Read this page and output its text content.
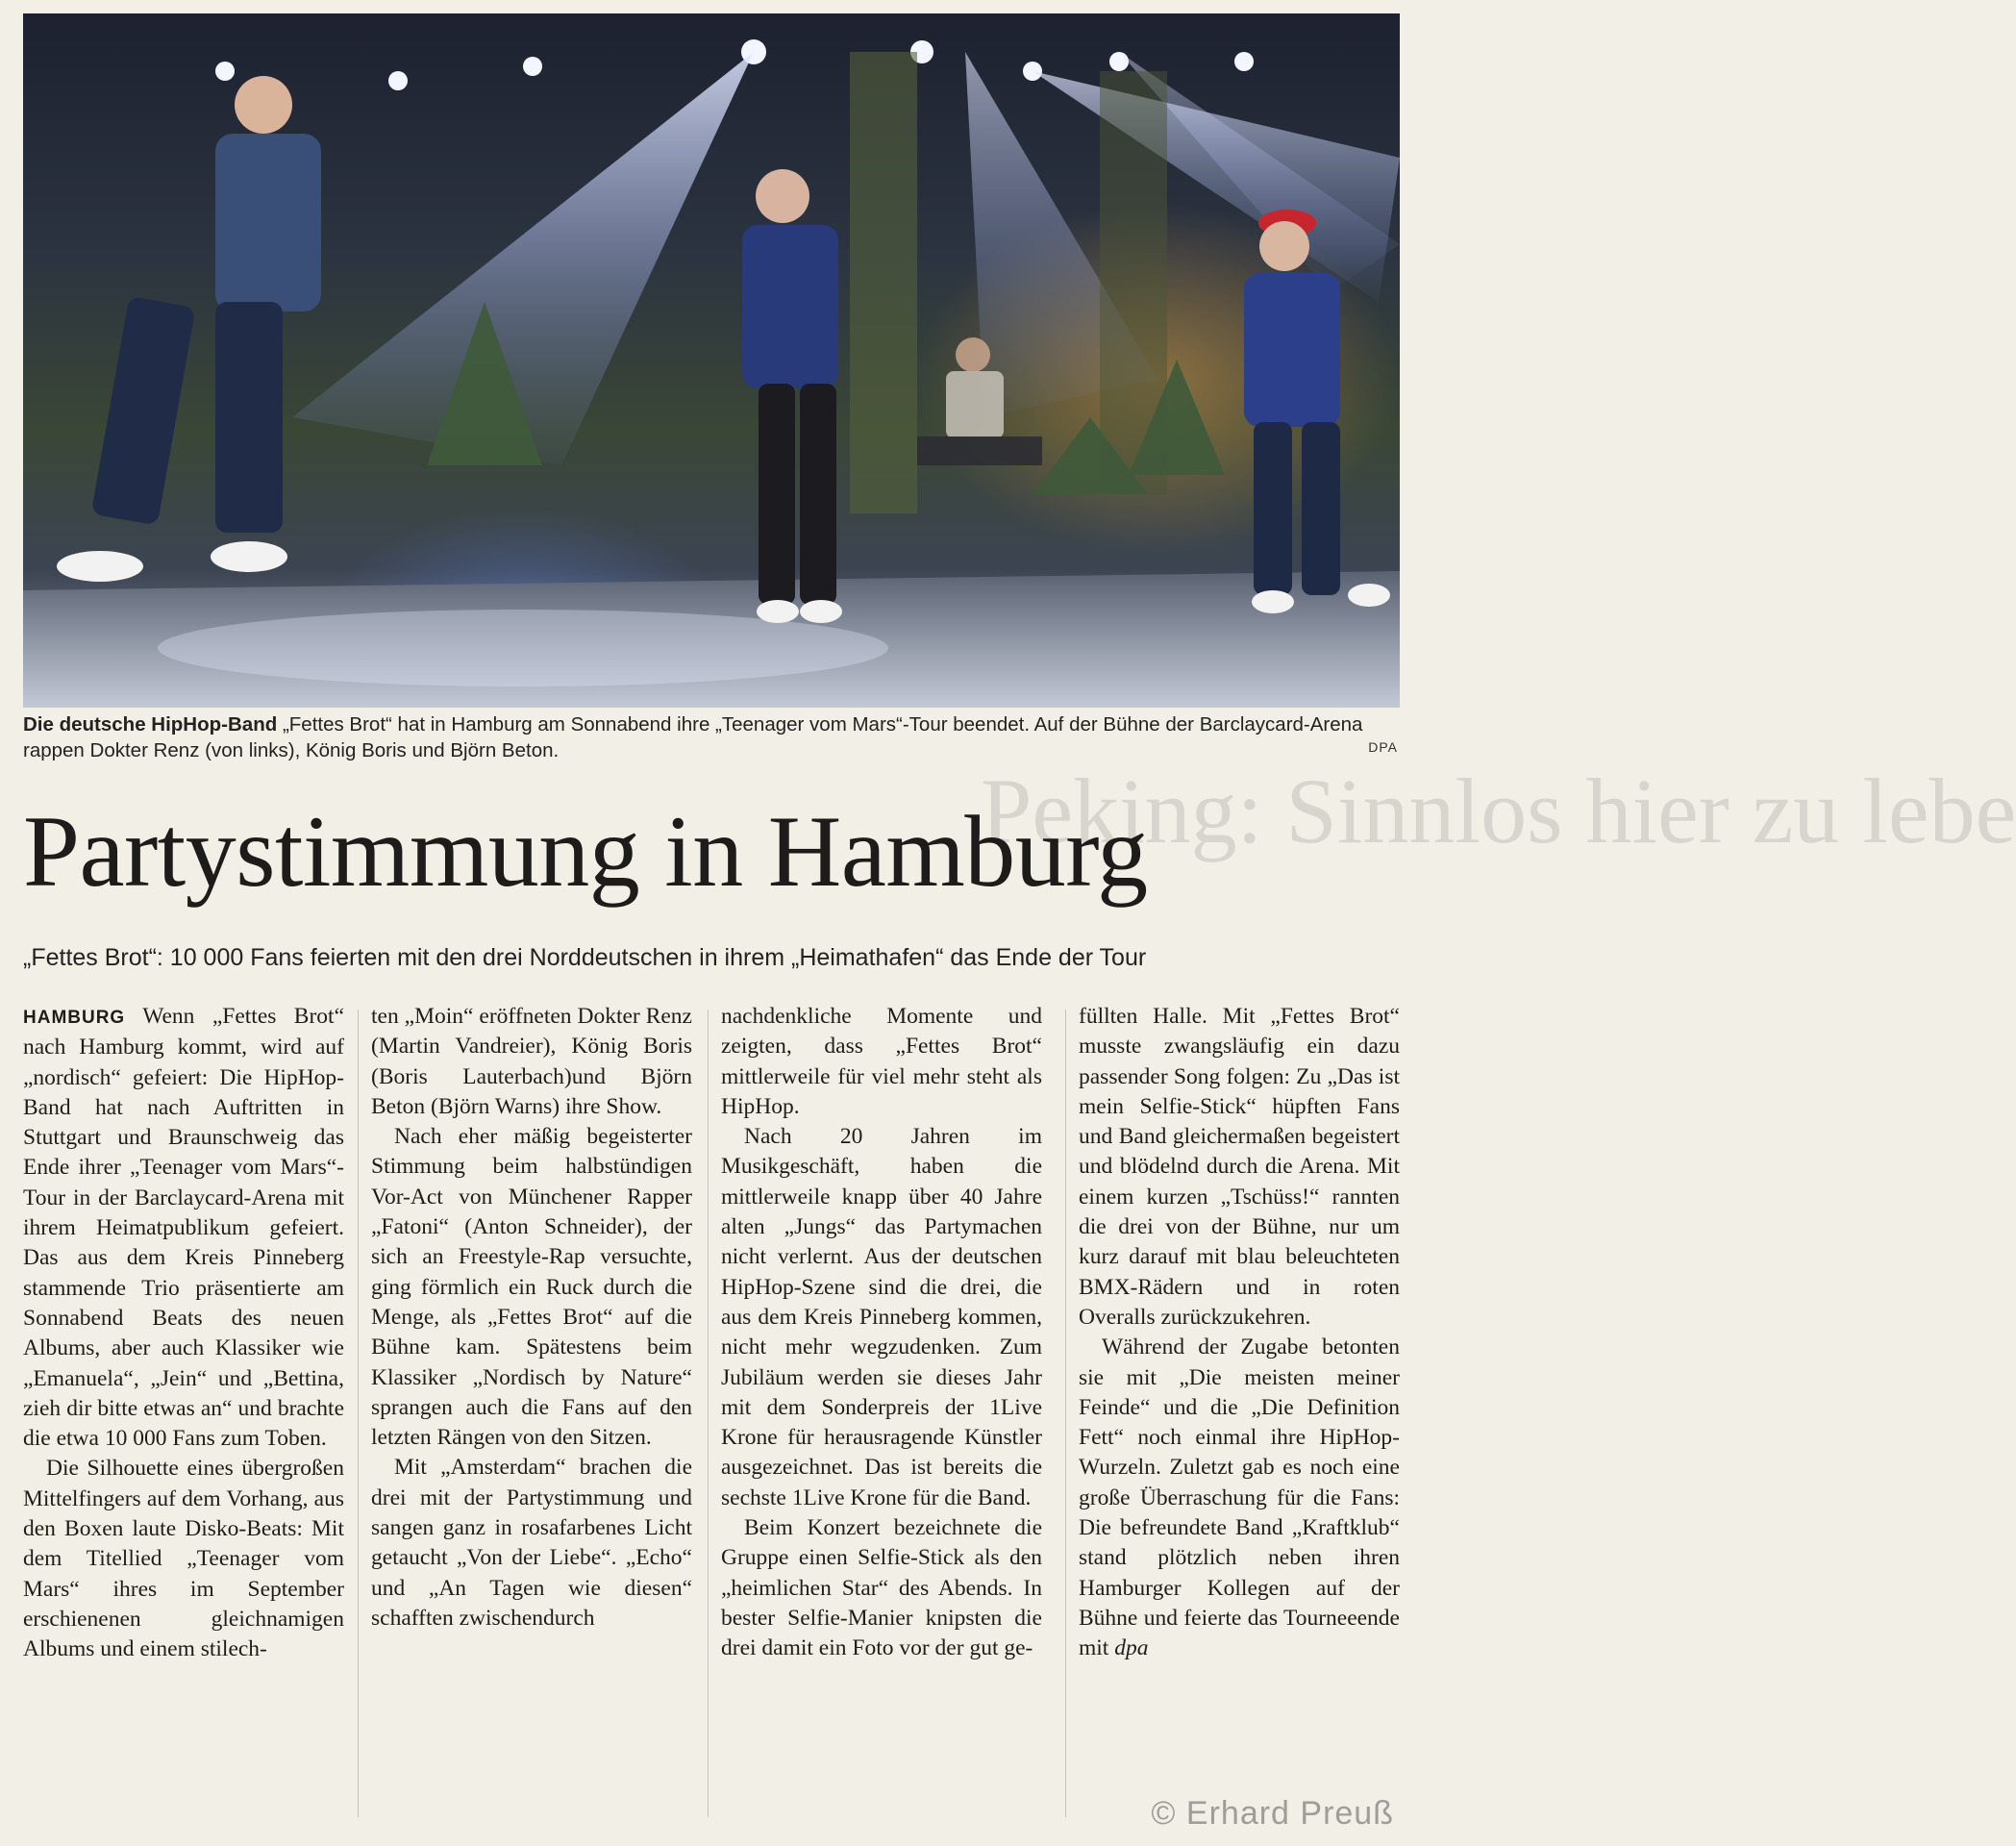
Die deutsche HipHop-Band „Fettes Brot“ hat in Hamburg am Sonnabend ihre „Teenager vom Mars“-Tour beendet. Auf der Bühne der Barclaycard-Arena rappen Dokter Renz (von links), König Boris und Björn Beton.	DPA
Peking: Sinnlos hier zu lebe
Partystimmung in Hamburg
„Fettes Brot“: 10 000 Fans feierten mit den drei Norddeutschen in ihrem „Heimathafen“ das Ende der Tour

HAMBURG Wenn „Fettes Brot“ nach Hamburg kommt, wird auf „nordisch“ gefeiert: Die HipHop-Band hat nach Auftritten in Stuttgart und Braunschweig das Ende ihrer „Teenager vom Mars“-Tour in der Barclaycard-Arena mit ihrem Heimatpublikum gefeiert. Das aus dem Kreis Pinneberg stammende Trio präsentierte am Sonnabend Beats des neuen Albums, aber auch Klassiker wie „Emanuela“, „Jein“ und „Bettina, zieh dir bitte etwas an“ und brachte die etwa 10 000 Fans zum Toben.

Die Silhouette eines übergroßen Mittelfingers auf dem Vorhang, aus den Boxen laute Disko-Beats: Mit dem Titellied „Teenager vom Mars“ ihres im September erschienenen gleichnamigen Albums und einem stilech-

ten „Moin“ eröffneten Dokter Renz (Martin Vandreier), König Boris (Boris Lauterbach)und Björn Beton (Björn Warns) ihre Show.

Nach eher mäßig begeisterter Stimmung beim halbstündigen Vor-Act von Münchener Rapper „Fatoni“ (Anton Schneider), der sich an Freestyle-Rap versuchte, ging förmlich ein Ruck durch die Menge, als „Fettes Brot“ auf die Bühne kam. Spätestens beim Klassiker „Nordisch by Nature“ sprangen auch die Fans auf den letzten Rängen von den Sitzen.

Mit „Amsterdam“ brachen die drei mit der Partystimmung und sangen ganz in rosafarbenes Licht getaucht „Von der Liebe“. „Echo“ und „An Tagen wie diesen“ schafften zwischendurch

nachdenkliche Momente und zeigten, dass „Fettes Brot“ mittlerweile für viel mehr steht als HipHop.

Nach 20 Jahren im Musikgeschäft, haben die mittlerweile knapp über 40 Jahre alten „Jungs“ das Partymachen nicht verlernt. Aus der deutschen HipHop-Szene sind die drei, die aus dem Kreis Pinneberg kommen, nicht mehr wegzudenken. Zum Jubiläum werden sie dieses Jahr mit dem Sonderpreis der 1Live Krone für herausragende Künstler ausgezeichnet. Das ist bereits die sechste 1Live Krone für die Band.

Beim Konzert bezeichnete die Gruppe einen Selfie-Stick als den „heimlichen Star“ des Abends. In bester Selfie-Manier knipsten die drei damit ein Foto vor der gut ge-

füllten Halle. Mit „Fettes Brot“ musste zwangsläufig ein dazu passender Song folgen: Zu „Das ist mein Selfie-Stick“ hüpften Fans und Band gleichermaßen begeistert und blödelnd durch die Arena. Mit einem kurzen „Tschüss!“ rannten die drei von der Bühne, nur um kurz darauf mit blau beleuchteten BMX-Rädern und in roten Overalls zurückzukehren.

Während der Zugabe betonten sie mit „Die meisten meiner Feinde“ und die „Die Definition Fett“ noch einmal ihre HipHop-Wurzeln. Zuletzt gab es noch eine große Überraschung für die Fans: Die befreundete Band „Kraftklub“ stand plötzlich neben ihren Hamburger Kollegen auf der Bühne und feierte das Tourneeende mit dpa

© Erhard Preuß
